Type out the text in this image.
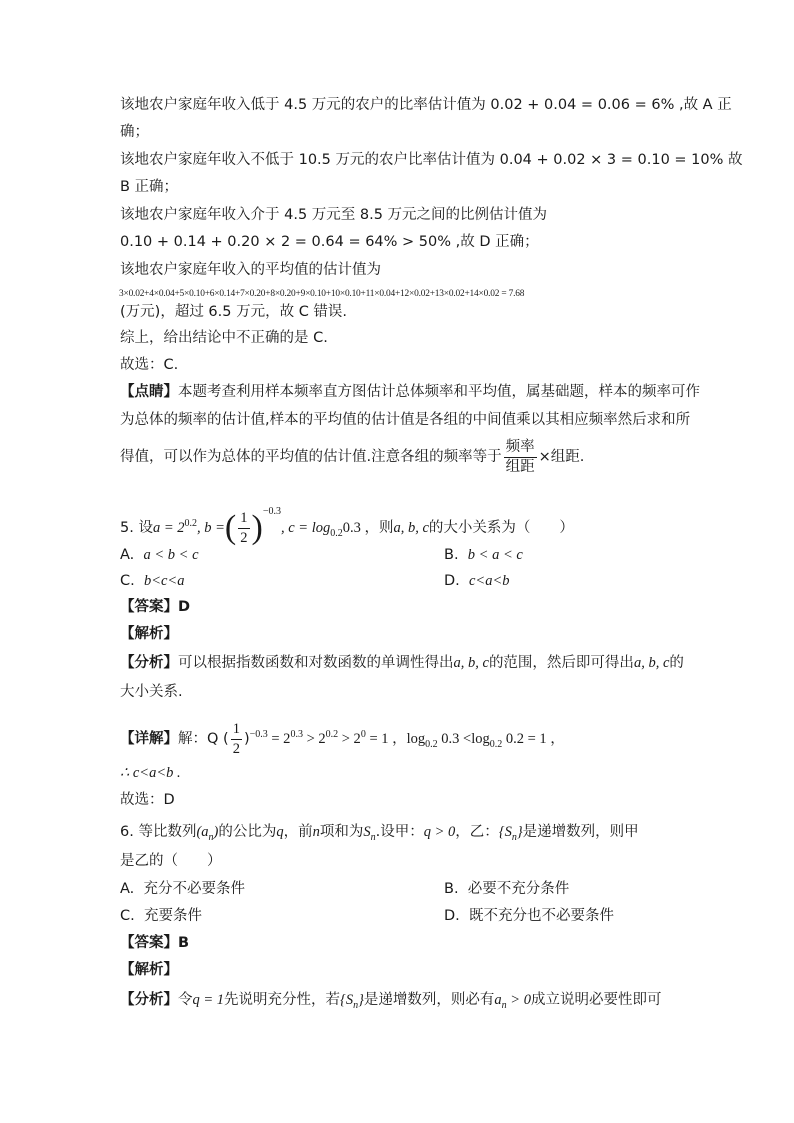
该地农户家庭年收入低于 4.5 万元的农户的比率估计值为 0.02 + 0.04 = 0.06 = 6% ,故 A 正
确；
该地农户家庭年收入不低于 10.5 万元的农户比率估计值为 0.04 + 0.02 × 3 = 0.10 = 10% 故
B 正确；
该地农户家庭年收入介于 4.5 万元至 8.5 万元之间的比例估计值为
0.10 + 0.14 + 0.20 × 2 = 0.64 = 64% > 50% ,故 D 正确；
该地农户家庭年收入的平均值的估计值为
3×0.02+4×0.04+5×0.10+6×0.14+7×0.20+8×0.20+9×0.10+10×0.10+11×0.04+12×0.02+13×0.02+14×0.02 = 7.68
(万元)，超过 6.5 万元，故 C 错误.
综上，给出结论中不正确的是 C.
故选：C.
【点睛】本题考查利用样本频率直方图估计总体频率和平均值，属基础题，样本的频率可作
为总体的频率的估计值,样本的平均值的估计值是各组的中间值乘以其相应频率然后求和所
得值，可以作为总体的平均值的估计值.注意各组的频率等于 $\frac{\text{频率}}{\text{组距}}$ ×组距.
5. 设$a = 2^{0.2}$, b =( $\frac{1}{2} )^{-0.3}$, $c = \log_{0.2}0.3$ ，则a, b, c的大小关系为（　　）
A. a < b < c	B. b < a < c
C. b<c<a	D. c<a<b
【答案】D
【解析】
【分析】可以根据指数函数和对数函数的单调性得出a, b, c的范围，然后即可得出a, b, c的
大小关系.
【详解】解：Q ( $\frac{1}{2} )^{-0.3} = 2^{0.3} > 2^{0.2} > 2^0 = 1$ ，$\log_{0.2} 0.3 <\log_{0.2}$ 0.2 = 1 ，
∴ c<a<b .
故选：D
6. 等比数列$(a_n)$的公比为q，前n项和为$S_n$.设甲：q > 0，乙：$\{S_n\}$是递增数列，则甲
是乙的（　　）
A. 充分不必要条件	B. 必要不充分条件
C. 充要条件	D. 既不充分也不必要条件
【答案】B
【解析】
【分析】令q = 1先说明充分性，若$\{S_n\}$是递增数列，则必有$a_n > 0$成立说明必要性即可
